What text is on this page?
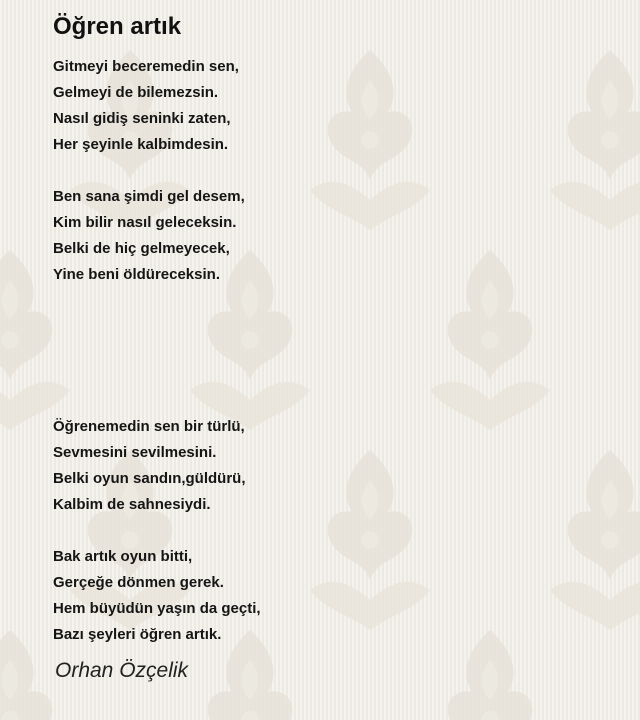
Öğren artık
Gitmeyi beceremedin sen,
Gelmeyi de bilemezsin.
Nasıl gidiş seninki zaten,
Her şeyinle kalbimdesin.
Ben sana şimdi gel desem,
Kim bilir nasıl geleceksin.
Belki de hiç gelmeyecek,
Yine beni öldüreceksin.
Öğrenemedin sen bir türlü,
Sevmesini sevilmesini.
Belki oyun sandın,güldürü,
Kalbim de sahnesiydi.
Bak artık oyun bitti,
Gerçeğe dönmen gerek.
Hem büyüdün yaşın da geçti,
Bazı şeyleri öğren artık.
Orhan Özçelik
